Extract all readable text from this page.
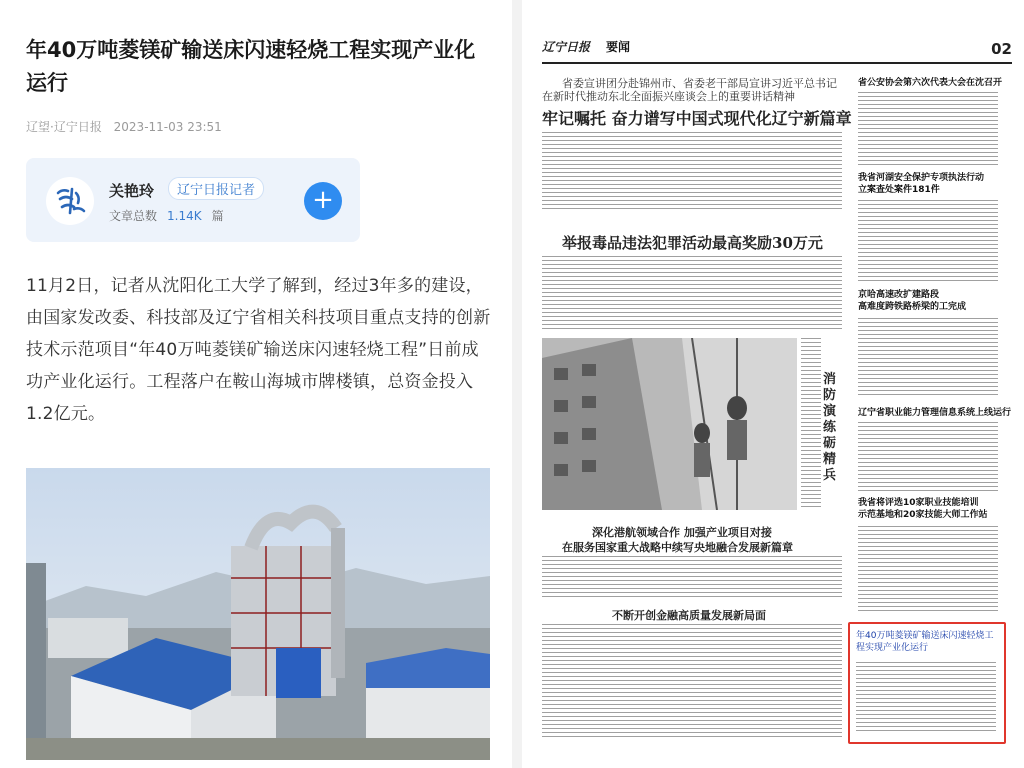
年40万吨菱镁矿输送床闪速轻烧工程实现产业化运行
辽望·辽宁日报 2023-11-03 23:51
关艳玲	辽宁日报记者
文章总数 1.14K 篇
+
11月2日，记者从沈阳化工大学了解到，经过3年多的建设，由国家发改委、科技部及辽宁省相关科技项目重点支持的创新技术示范项目“年40万吨菱镁矿输送床闪速轻烧工程”日前成功产业化运行。工程落户在鞍山海城市牌楼镇，总资金投入1.2亿元。
辽宁日报	要闻	02
省委宣讲团分赴锦州市、省委老干部局宣讲习近平总书记
在新时代推动东北全面振兴座谈会上的重要讲话精神
牢记嘱托 奋力谱写中国式现代化辽宁新篇章
举报毒品违法犯罪活动最高奖励30万元
消防演练砺精兵
深化港航领域合作 加强产业项目对接
在服务国家重大战略中续写央地融合发展新篇章
不断开创金融高质量发展新局面
省公安协会第六次代表大会在沈召开
我省河湖安全保护专项执法行动
立案查处案件181件
京哈高速改扩建路段
高难度跨铁路桥梁的工完成
辽宁省职业能力管理信息系统上线运行
我省将评选10家职业技能培训
示范基地和20家技能大师工作站
年40万吨菱镁矿输送床闪速轻烧工程实现产业化运行
